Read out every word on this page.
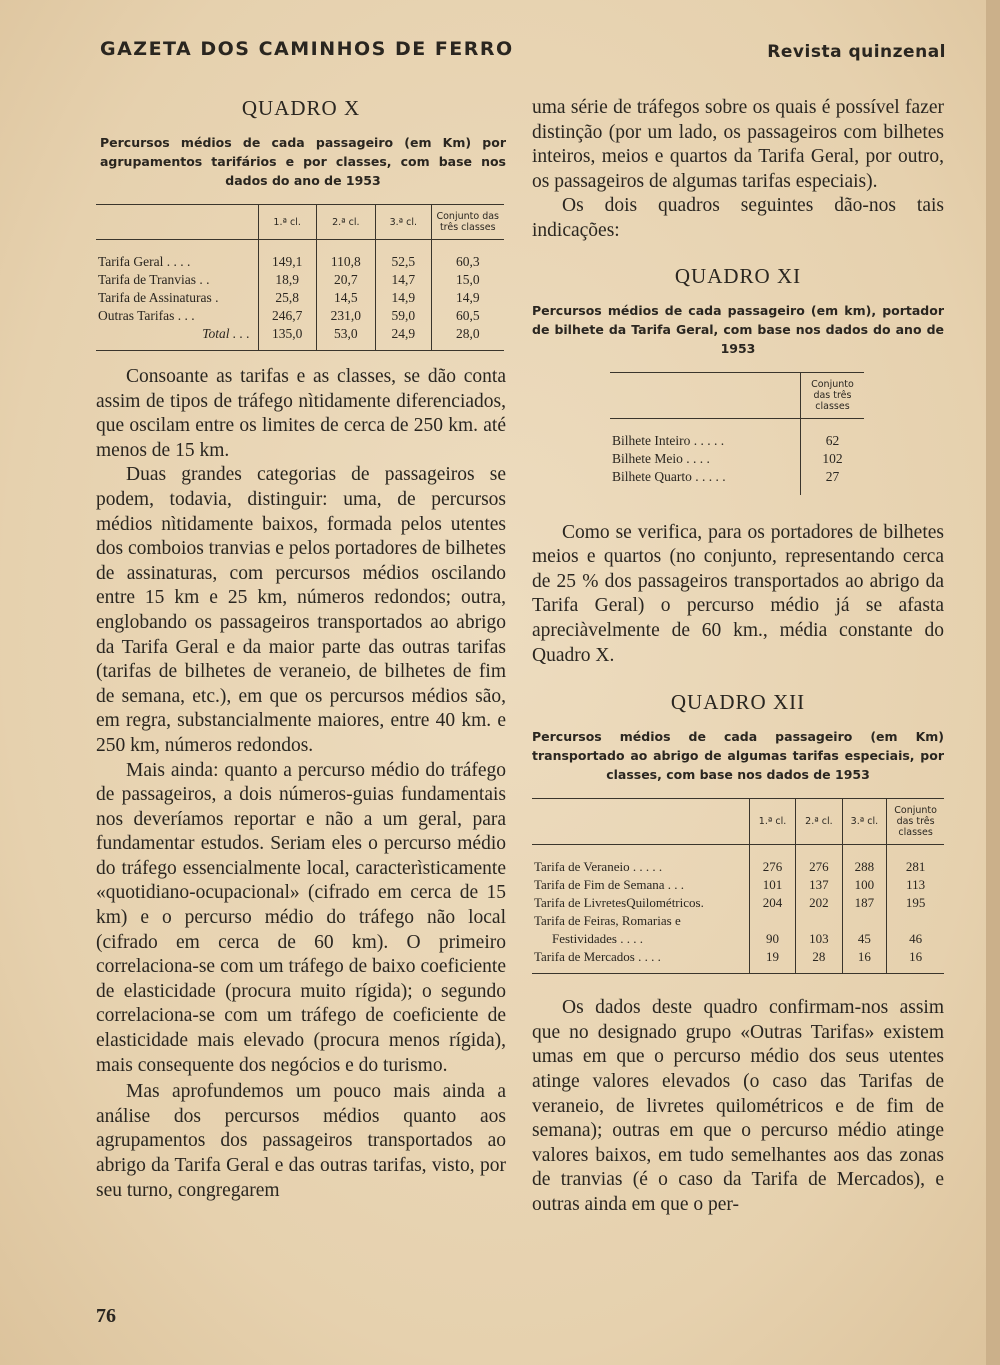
GAZETA DOS CAMINHOS DE FERRO	Revista quinzenal
QUADRO X
Percursos médios de cada passageiro (em Km) por agrupamentos tarifários e por classes, com base nos dados do ano de 1953
	1.ª cl.	2.ª cl.	3.ª cl.	Conjunto das três classes
Tarifa Geral . . . .	149,1	110,8	52,5	60,3
Tarifa de Tranvias . .	18,9	20,7	14,7	15,0
Tarifa de Assinaturas .	25,8	14,5	14,9	14,9
Outras Tarifas . . .	246,7	231,0	59,0	60,5
Total . . .	135,0	53,0	24,9	28,0

Consoante as tarifas e as classes, se dão conta assim de tipos de tráfego nìtidamente diferenciados, que oscilam entre os limites de cerca de 250 km. até menos de 15 km.

Duas grandes categorias de passageiros se podem, todavia, distinguir: uma, de percursos médios nìtidamente baixos, formada pelos utentes dos comboios tranvias e pelos portadores de bilhetes de assinaturas, com percursos médios oscilando entre 15 km e 25 km, números redondos; outra, englobando os passageiros transportados ao abrigo da Tarifa Geral e da maior parte das outras tarifas (tarifas de bilhetes de veraneio, de bilhetes de fim de semana, etc.), em que os percursos médios são, em regra, substancialmente maiores, entre 40 km. e 250 km, números redondos.

Mais ainda: quanto a percurso médio do tráfego de passageiros, a dois números-guias fundamentais nos deveríamos reportar e não a um geral, para fundamentar estudos. Seriam eles o percurso médio do tráfego essencialmente local, caracterìsticamente «quotidiano-ocupacional» (cifrado em cerca de 15 km) e o percurso médio do tráfego não local (cifrado em cerca de 60 km). O primeiro correlaciona-se com um tráfego de baixo coeficiente de elasticidade (procura muito rígida); o segundo correlaciona-se com um tráfego de coeficiente de elasticidade mais elevado (procura menos rígida), mais consequente dos negócios e do turismo.

Mas aprofundemos um pouco mais ainda a análise dos percursos médios quanto aos agrupamentos dos passageiros transportados ao abrigo da Tarifa Geral e das outras tarifas, visto, por seu turno, congregarem

uma série de tráfegos sobre os quais é possível fazer distinção (por um lado, os passageiros com bilhetes inteiros, meios e quartos da Tarifa Geral, por outro, os passageiros de algumas tarifas especiais).

Os dois quadros seguintes dão-nos tais indicações:

QUADRO XI
Percursos médios de cada passageiro (em km), portador de bilhete da Tarifa Geral, com base nos dados do ano de 1953
	Conjunto das três classes
Bilhete Inteiro . . . . .	62
Bilhete Meio . . . .	102
Bilhete Quarto . . . . .	27

Como se verifica, para os portadores de bilhetes meios e quartos (no conjunto, representando cerca de 25 % dos passageiros transportados ao abrigo da Tarifa Geral) o percurso médio já se afasta apreciàvelmente de 60 km., média constante do Quadro X.

QUADRO XII
Percursos médios de cada passageiro (em Km) transportado ao abrigo de algumas tarifas especiais, por classes, com base nos dados de 1953
	1.ª cl.	2.ª cl.	3.ª cl.	Conjunto das três classes
Tarifa de Veraneio . . . . .	276	276	288	281
Tarifa de Fim de Semana . . .	101	137	100	113
Tarifa de LivretesQuilométricos.	204	202	187	195
Tarifa de Feiras, Romarias e				
Festividades . . . .	90	103	45	46
Tarifa de Mercados . . . .	19	28	16	16

Os dados deste quadro confirmam-nos assim que no designado grupo «Outras Tarifas» existem umas em que o percurso médio dos seus utentes atinge valores elevados (o caso das Tarifas de veraneio, de livretes quilométricos e de fim de semana); outras em que o percurso médio atinge valores baixos, em tudo semelhantes aos das zonas de tranvias (é o caso da Tarifa de Mercados), e outras ainda em que o per-

76
